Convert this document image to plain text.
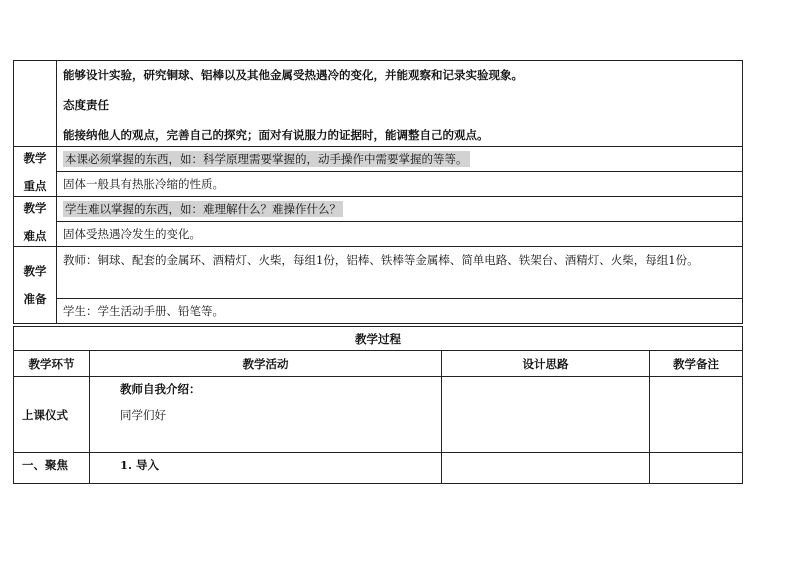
	能够设计实验，研究铜球、铝棒以及其他金属受热遇冷的变化，并能观察和记录实验现象。
态度责任
能接纳他人的观点，完善自己的探究；面对有说服力的证据时，能调整自己的观点。

教学
重点	本课必须掌握的东西，如：科学原理需要掌握的，动手操作中需要掌握的等等。
	固体一般具有热胀冷缩的性质。
教学
难点	学生难以掌握的东西，如：难理解什么？难操作什么？
	固体受热遇冷发生的变化。
教学
准备	教师：铜球、配套的金属环、酒精灯、火柴，每组1份，铝棒、铁棒等金属棒、简单电路、铁架台、酒精灯、火柴，每组1份。
	学生：学生活动手册、铅笔等。
教学过程			
教学环节	教学活动	设计思路	教学备注
上课仪式	教师自我介绍：
同学们好		

一、聚焦	1. 导入		
